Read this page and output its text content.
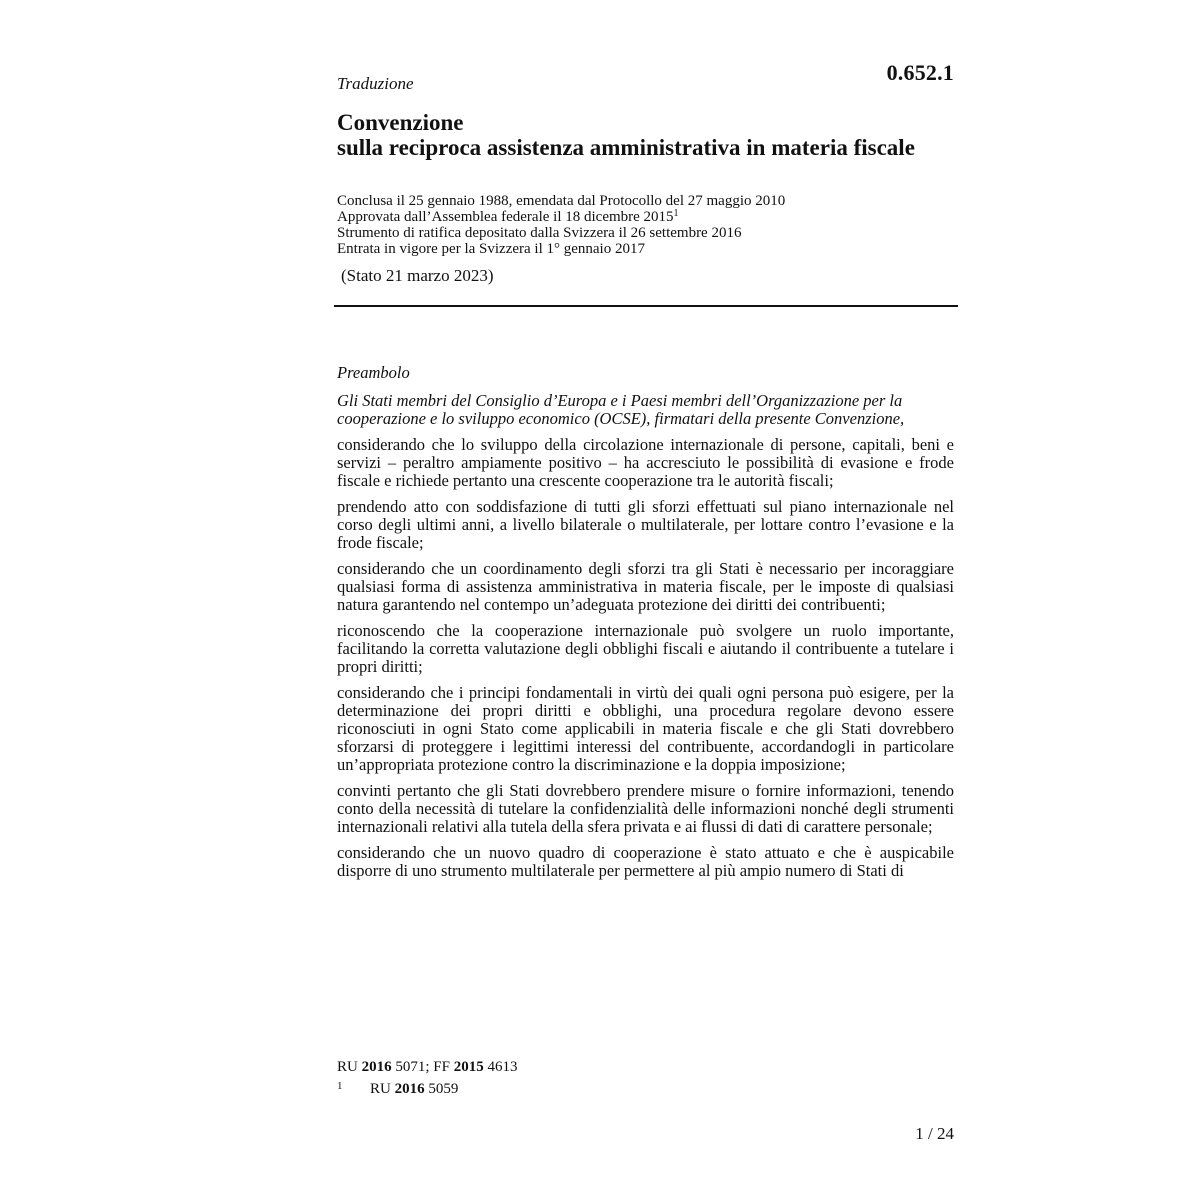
0.652.1
Traduzione
Convenzione
sulla reciproca assistenza amministrativa in materia fiscale
Conclusa il 25 gennaio 1988, emendata dal Protocollo del 27 maggio 2010
Approvata dall’Assemblea federale il 18 dicembre 2015$^1$
Strumento di ratifica depositato dalla Svizzera il 26 settembre 2016
Entrata in vigore per la Svizzera il 1° gennaio 2017
(Stato 21 marzo 2023)

Preambolo

Gli Stati membri del Consiglio d’Europa e i Paesi membri dell’Organizzazione per la cooperazione e lo sviluppo economico (OCSE), firmatari della presente Convenzione,

considerando che lo sviluppo della circolazione internazionale di persone, capitali, beni e servizi – peraltro ampiamente positivo – ha accresciuto le possibilità di evasione e frode fiscale e richiede pertanto una crescente cooperazione tra le autorità fiscali;

prendendo atto con soddisfazione di tutti gli sforzi effettuati sul piano internazionale nel corso degli ultimi anni, a livello bilaterale o multilaterale, per lottare contro l’evasione e la frode fiscale;

considerando che un coordinamento degli sforzi tra gli Stati è necessario per incoraggiare qualsiasi forma di assistenza amministrativa in materia fiscale, per le imposte di qualsiasi natura garantendo nel contempo un’adeguata protezione dei diritti dei contribuenti;

riconoscendo che la cooperazione internazionale può svolgere un ruolo importante, facilitando la corretta valutazione degli obblighi fiscali e aiutando il contribuente a tutelare i propri diritti;

considerando che i principi fondamentali in virtù dei quali ogni persona può esigere, per la determinazione dei propri diritti e obblighi, una procedura regolare devono essere riconosciuti in ogni Stato come applicabili in materia fiscale e che gli Stati dovrebbero sforzarsi di proteggere i legittimi interessi del contribuente, accordandogli in particolare un’appropriata protezione contro la discriminazione e la doppia imposizione;

convinti pertanto che gli Stati dovrebbero prendere misure o fornire informazioni, tenendo conto della necessità di tutelare la confidenzialità delle informazioni nonché degli strumenti internazionali relativi alla tutela della sfera privata e ai flussi di dati di carattere personale;

considerando che un nuovo quadro di cooperazione è stato attuato e che è auspicabile disporre di uno strumento multilaterale per permettere al più ampio numero di Stati di

RU 2016 5071; FF 2015 4613
1 RU 2016 5059
1 / 24
